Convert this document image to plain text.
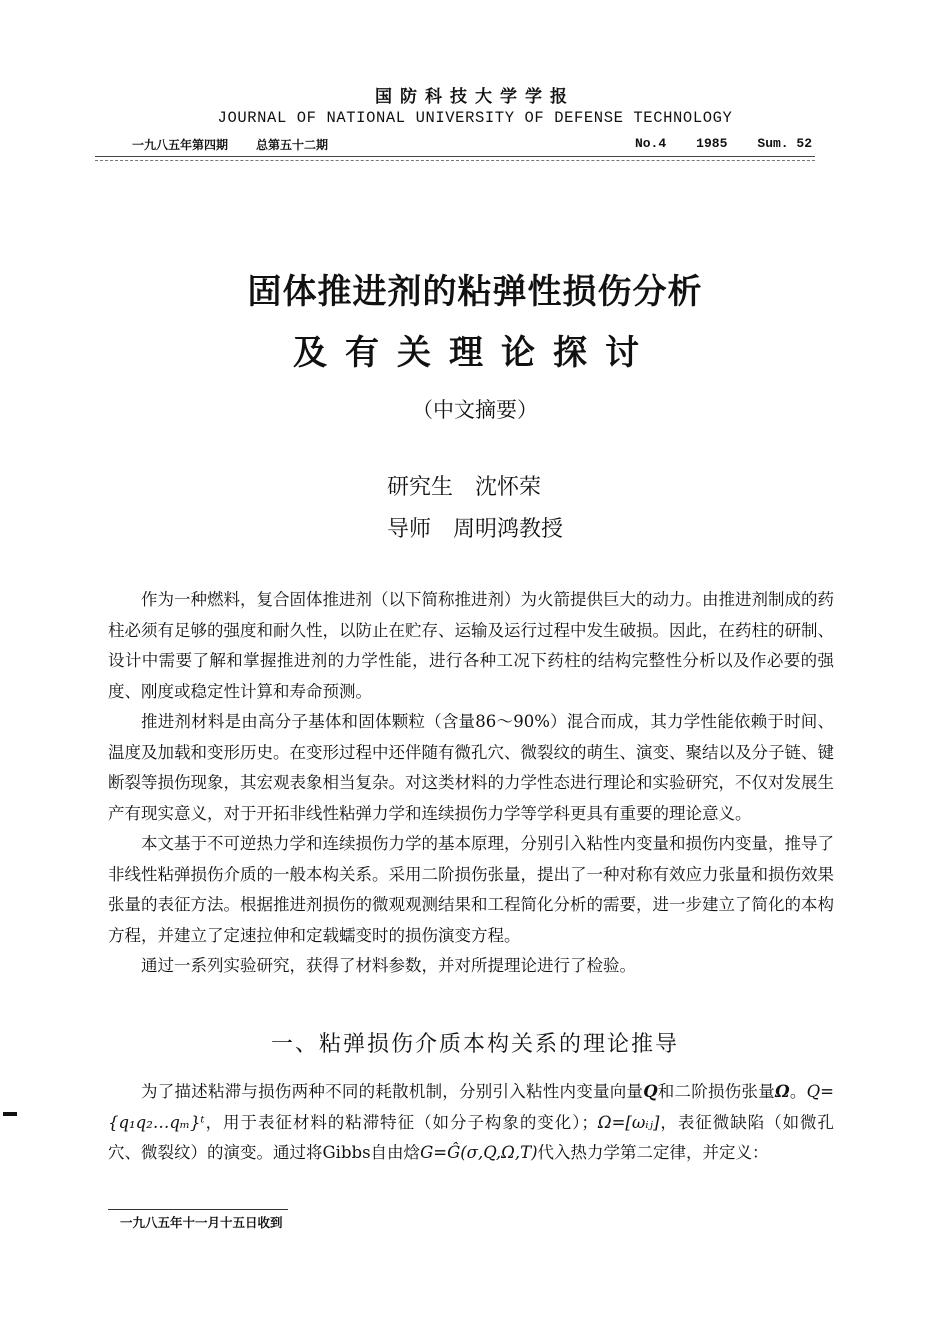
国防科技大学学报
JOURNAL OF NATIONAL UNIVERSITY OF DEFENSE TECHNOLOGY
一九八五年第四期 总第五十二期	No.4 1985 Sum. 52
固体推进剂的粘弹性损伤分析
及有关理论探讨
（中文摘要）
研究生 沈怀荣
导师 周明鸿教授

作为一种燃料，复合固体推进剂（以下简称推进剂）为火箭提供巨大的动力。由推进剂制成的药柱必须有足够的强度和耐久性，以防止在贮存、运输及运行过程中发生破损。因此，在药柱的研制、设计中需要了解和掌握推进剂的力学性能，进行各种工况下药柱的结构完整性分析以及作必要的强度、刚度或稳定性计算和寿命预测。

推进剂材料是由高分子基体和固体颗粒（含量86～90%）混合而成，其力学性能依赖于时间、温度及加载和变形历史。在变形过程中还伴随有微孔穴、微裂纹的萌生、演变、聚结以及分子链、键断裂等损伤现象，其宏观表象相当复杂。对这类材料的力学性态进行理论和实验研究，不仅对发展生产有现实意义，对于开拓非线性粘弹力学和连续损伤力学等学科更具有重要的理论意义。

本文基于不可逆热力学和连续损伤力学的基本原理，分别引入粘性内变量和损伤内变量，推导了非线性粘弹损伤介质的一般本构关系。采用二阶损伤张量，提出了一种对称有效应力张量和损伤效果张量的表征方法。根据推进剂损伤的微观观测结果和工程简化分析的需要，进一步建立了简化的本构方程，并建立了定速拉伸和定载蠕变时的损伤演变方程。

通过一系列实验研究，获得了材料参数，并对所提理论进行了检验。

一、粘弹损伤介质本构关系的理论推导

为了描述粘滞与损伤两种不同的耗散机制，分别引入粘性内变量向量Q和二阶损伤张量Ω。Q={q₁q₂…qₘ}ᵗ，用于表征材料的粘滞特征（如分子构象的变化）；Ω=[ωᵢⱼ]，表征微缺陷（如微孔穴、微裂纹）的演变。通过将Gibbs自由焓G=Ĝ(σ,Q,Ω,T)代入热力学第二定律，并定义：

一九八五年十一月十五日收到
